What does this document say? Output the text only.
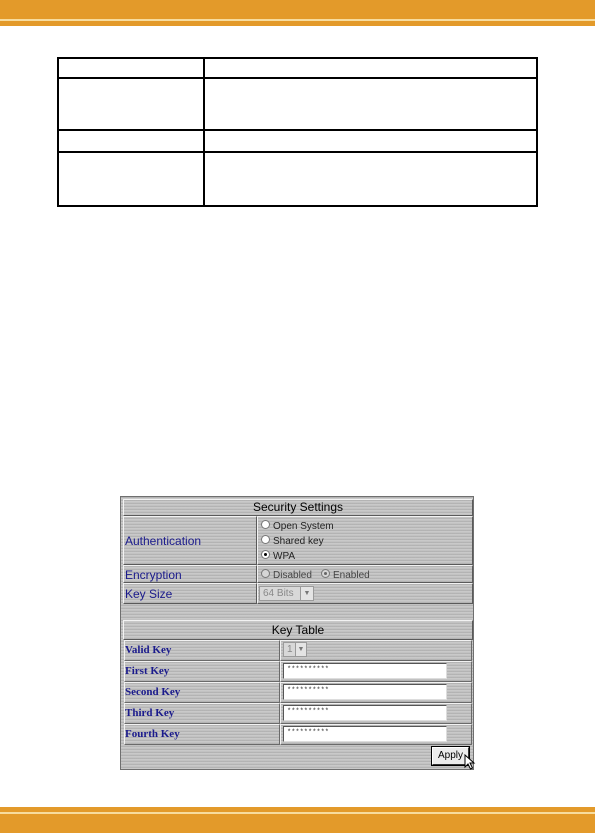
Security Settings
Authentication
Open System
Shared key
WPA
Encryption	Disabled	Enabled
Key Size	64 Bits	▼
Key Table
Valid Key	1 ▼
First Key	**********
Second Key	**********
Third Key	**********
Fourth Key	**********
Apply
